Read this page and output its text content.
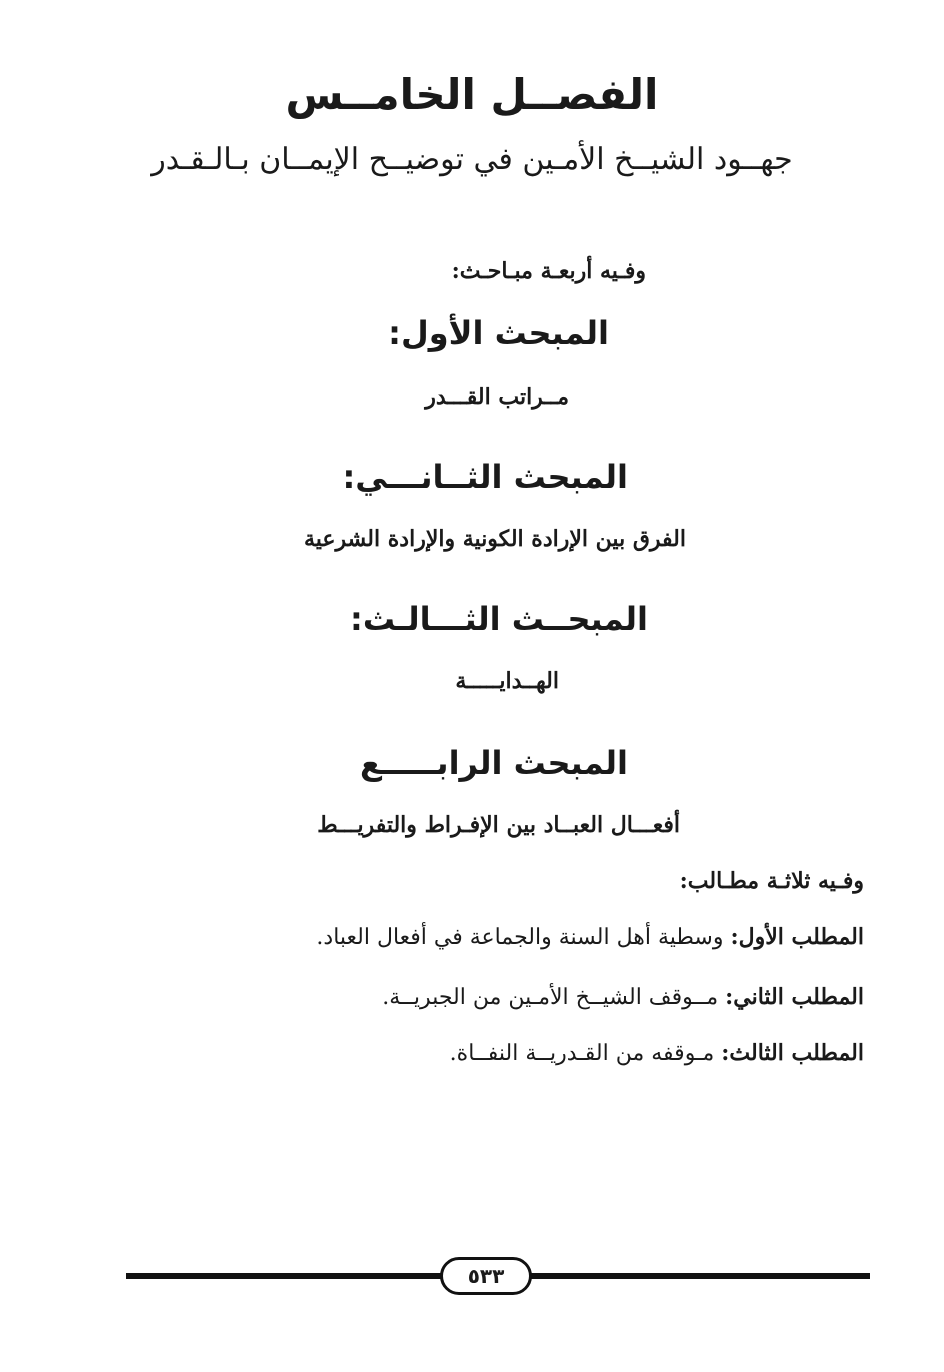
الفصــل الخامــس
جهــود الشيــخ الأمـين في توضيــح الإيمــان بـالـقـدر
وفـيه أربعـة مبـاحـث:
المبحث الأول:
مــراتب القـــدر
المبحث الثــانـــي:
الفرق بين الإرادة الكونية والإرادة الشرعية
المبحــث الثـــالـث:
الهــدايـــــة
المبحث الرابـــــع
أفعـــال العبــاد بين الإفـراط والتفريـــط
وفـيه ثلاثـة مطـالب:
المطلب الأول: وسطية أهل السنة والجماعة في أفعال العباد.
المطلب الثاني: مــوقف الشيــخ الأمـين من الجبريــة.
المطلب الثالث: مـوقفه من القـدريــة النفــاة.
٥٣٣
